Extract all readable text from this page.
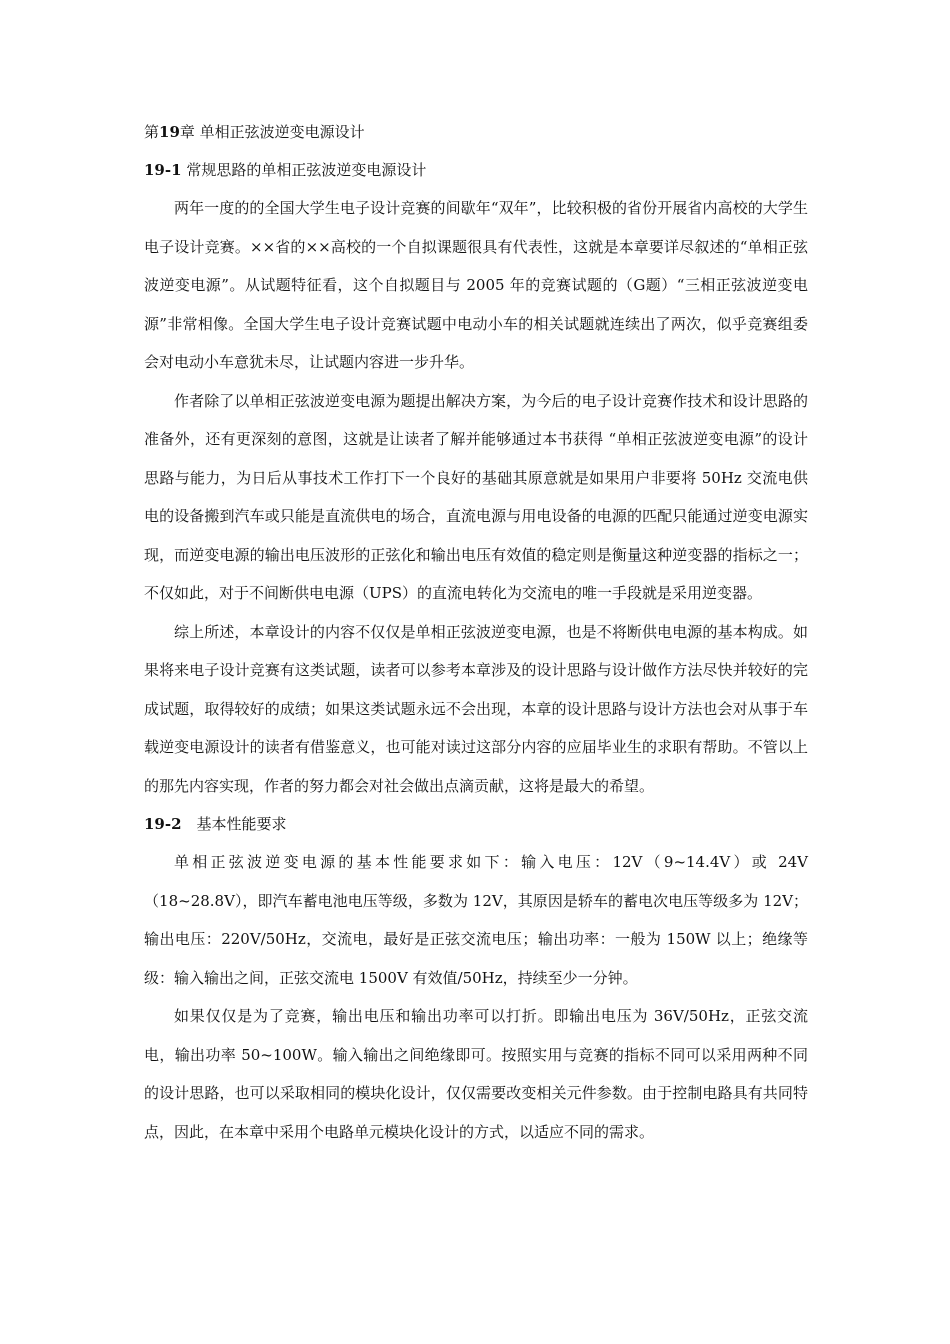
第19章 单相正弦波逆变电源设计
19-1 常规思路的单相正弦波逆变电源设计

两年一度的的全国大学生电子设计竞赛的间歇年“双年”，比较积极的省份开展省内高校的大学生电子设计竞赛。××省的××高校的一个自拟课题很具有代表性，这就是本章要详尽叙述的“单相正弦波逆变电源”。从试题特征看，这个自拟题目与 2005 年的竞赛试题的（G题）“三相正弦波逆变电源”非常相像。全国大学生电子设计竞赛试题中电动小车的相关试题就连续出了两次，似乎竞赛组委会对电动小车意犹未尽，让试题内容进一步升华。

作者除了以单相正弦波逆变电源为题提出解决方案，为今后的电子设计竞赛作技术和设计思路的准备外，还有更深刻的意图，这就是让读者了解并能够通过本书获得 “单相正弦波逆变电源”的设计思路与能力，为日后从事技术工作打下一个良好的基础其原意就是如果用户非要将 50Hz 交流电供电的设备搬到汽车或只能是直流供电的场合，直流电源与用电设备的电源的匹配只能通过逆变电源实现，而逆变电源的输出电压波形的正弦化和输出电压有效值的稳定则是衡量这种逆变器的指标之一；不仅如此，对于不间断供电电源（UPS）的直流电转化为交流电的唯一手段就是采用逆变器。

综上所述，本章设计的内容不仅仅是单相正弦波逆变电源，也是不将断供电电源的基本构成。如果将来电子设计竞赛有这类试题，读者可以参考本章涉及的设计思路与设计做作方法尽快并较好的完成试题，取得较好的成绩；如果这类试题永远不会出现，本章的设计思路与设计方法也会对从事于车载逆变电源设计的读者有借鉴意义，也可能对读过这部分内容的应届毕业生的求职有帮助。不管以上的那先内容实现，作者的努力都会对社会做出点滴贡献，这将是最大的希望。

19-2　基本性能要求

单相正弦波逆变电源的基本性能要求如下：输入电压：12V（9~14.4V）或 24V（18~28.8V），即汽车蓄电池电压等级，多数为 12V，其原因是轿车的蓄电次电压等级多为 12V；输出电压：220V/50Hz，交流电，最好是正弦交流电压；输出功率：一般为 150W 以上；绝缘等级：输入输出之间，正弦交流电 1500V 有效值/50Hz，持续至少一分钟。

如果仅仅是为了竞赛，输出电压和输出功率可以打折。即输出电压为 36V/50Hz，正弦交流电，输出功率 50~100W。输入输出之间绝缘即可。按照实用与竞赛的指标不同可以采用两种不同的设计思路，也可以采取相同的模块化设计，仅仅需要改变相关元件参数。由于控制电路具有共同特点，因此，在本章中采用个电路单元模块化设计的方式，以适应不同的需求。
